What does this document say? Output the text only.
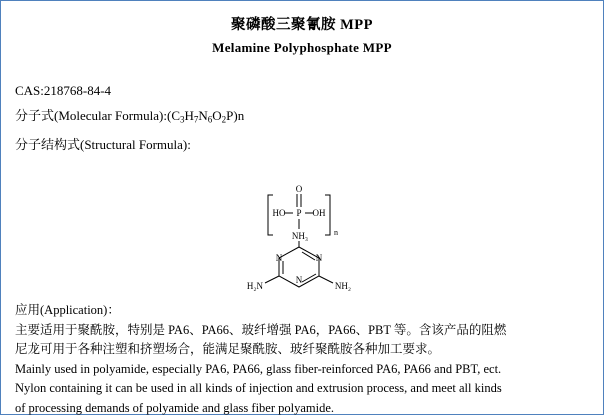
聚磷酸三聚氰胺 MPP
Melamine Polyphosphate MPP
CAS:218768-84-4
分子式(Molecular $Formula):(C_3H_7N_6O_2P)n$
分子结构式(Structural Formula):
O
HO	OH
P
NH₃	n
N	N
N
H₂N	NH₂
应用(Application)：
主要适用于聚酰胺，特别是 PA6、PA66、玻纤增强 PA6，PA66、PBT 等。含该产品的阻燃
尼龙可用于各种注塑和挤塑场合，能满足聚酰胺、玻纤聚酰胺各种加工要求。
Mainly used in polyamide, especially PA6, PA66, glass fiber-reinforced PA6, PA66 and PBT, ect.
Nylon containing it can be used in all kinds of injection and extrusion process, and meet all kinds
of processing demands of polyamide and glass fiber polyamide.
